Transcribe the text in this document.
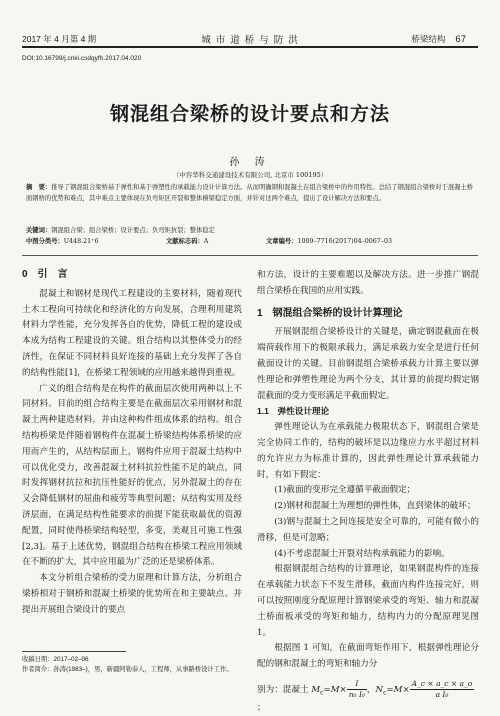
2017 年 4 月第 4 期	城 市 道 桥 与 防 洪	桥梁结构 67
DOI:10.16799/j.cnki.csdqyfh.2017.04.020
钢混组合梁桥的设计要点和方法
孙 涛
（中容华科交通建设技术有限公司, 北京市 100195）
摘　要：推导了钢混组合梁桥基于弹性和基于弹塑性的承载能力设计计算方法。从而明确钢和混凝土在组合梁桥中的作用特性。总结了钢混组合梁桥对于混凝土桥面钢桥的优势和难点，其中难点主要体现在负弯矩区开裂和整体横梁稳定方面，并针对这两个难点，提出了设计解决方法和要点。
关键词：钢混组合梁；组合梁桥；设计要点；负弯矩抗裂；整体稳定
中图分类号：U448.21⁺6	文献标志码：A	文章编号：1009–7716(2017)04–0067–03

0　引　言

混凝土和钢材是现代工程建设的主要材料，随着现代土木工程向可持续化和经济化的方向发展，合理利用建筑材料力学性能，充分发挥各自的优势，降低工程的建设成本成为结构工程建设的关键。组合结构以其整体受力的经济性，在保证不同材料良好连接的基础上充分发挥了各自的结构性能[1]，在桥梁工程领域的应用越来越得到重视。

广义的组合结构是在构件的截面层次使用两种以上不同材料。目前的组合结构主要是在截面层次采用钢材和混凝土两种建造材料，并由这种构件组成体系的结构。组合结构桥梁是伴随着钢构件在混凝土桥梁结构体系桥梁的应用而产生的，从结构层面上，钢构件应用于混凝土结构中可以优化受力，改善混凝土材料抗拉性能不足的缺点，同时发挥钢材抗拉和抗压性能好的优点，另外混凝土的存在又会降低钢材的屈曲和疲劳等典型问题；从结构实用及经济层面，在满足结构性能要求的前提下能获取最优的资源配置，同时使得桥梁结构轻型，多变，美观且可施工性强[2,3]。基于上述优势，钢混组合结构在桥梁工程应用领域在不断的扩大，其中应用最为广泛的还是梁桥体系。

本文分析组合梁桥的受力原理和计算方法，分析组合梁桥相对于钢桥和混凝土桥梁的优势所在和主要缺点。并提出开展组合梁设计的要点

收稿日期：2017–02–06
作者简介：孙涛(1983–)，男，新疆阿勒泰人，工程师，从事路桥设计工作。

和方法，设计的主要难题以及解决方法。进一步推广钢混组合梁桥在我国的应用实践。

1　钢混组合梁桥的设计计算理论

开展钢混组合梁桥设计的关键是，确定钢混截面在极端荷载作用下的极限承载力，满足承载力安全是进行任何截面设计的关键。目前钢混组合梁桥承载力计算主要以弹性理论和弹塑性理论为两个分支，其计算的前提均假定钢混截面的受力变形满足平截面假定。

1.1　弹性设计理论

弹性理论认为在承载能力极限状态下，钢混组合梁是完全协同工作的，结构的破坏是以边缘应力水平超过材料的允许应力为标准计算的，因此弹性理论计算承载能力时，有如下假定：

(1)截面的变形完全遵循平截面假定；

(2)钢材和混凝土为理想的弹性体，直到梁体的破坏；

(3)钢与混凝土之间连接是安全可靠的，可能有微小的滑移，但是可忽略；

(4)不考虑混凝土开裂对结构承载能力的影响。

根据钢混组合结构的计算理论，如果钢混构件的连接在承载能力状态下不发生滑移，截面内构件连接完好，则可以按照刚度分配原理计算钢梁承受的弯矩、轴力和混凝土桥面板承受的弯矩和轴力，结构内力的分配原理见图 1。

根据图 1 可知，在截面弯矩作用下，根据弹性理论分配的钢和混凝土的弯矩和轴力分

别为：混凝土 $M_c=M\times \frac{I}{\text{n₀ I₀}}$ ，$N_c=M\times \frac{A\_c \times a\_c \times a\_o}{\text{a I₀}}$
；
